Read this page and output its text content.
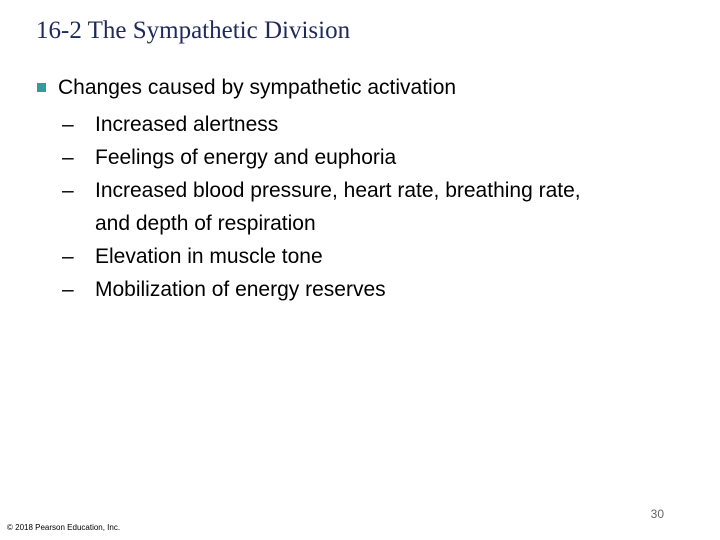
16-2 The Sympathetic Division
Changes caused by sympathetic activation
– Increased alertness
– Feelings of energy and euphoria
– Increased blood pressure, heart rate, breathing rate,
and depth of respiration
– Elevation in muscle tone
– Mobilization of energy reserves
30
© 2018 Pearson Education, Inc.
